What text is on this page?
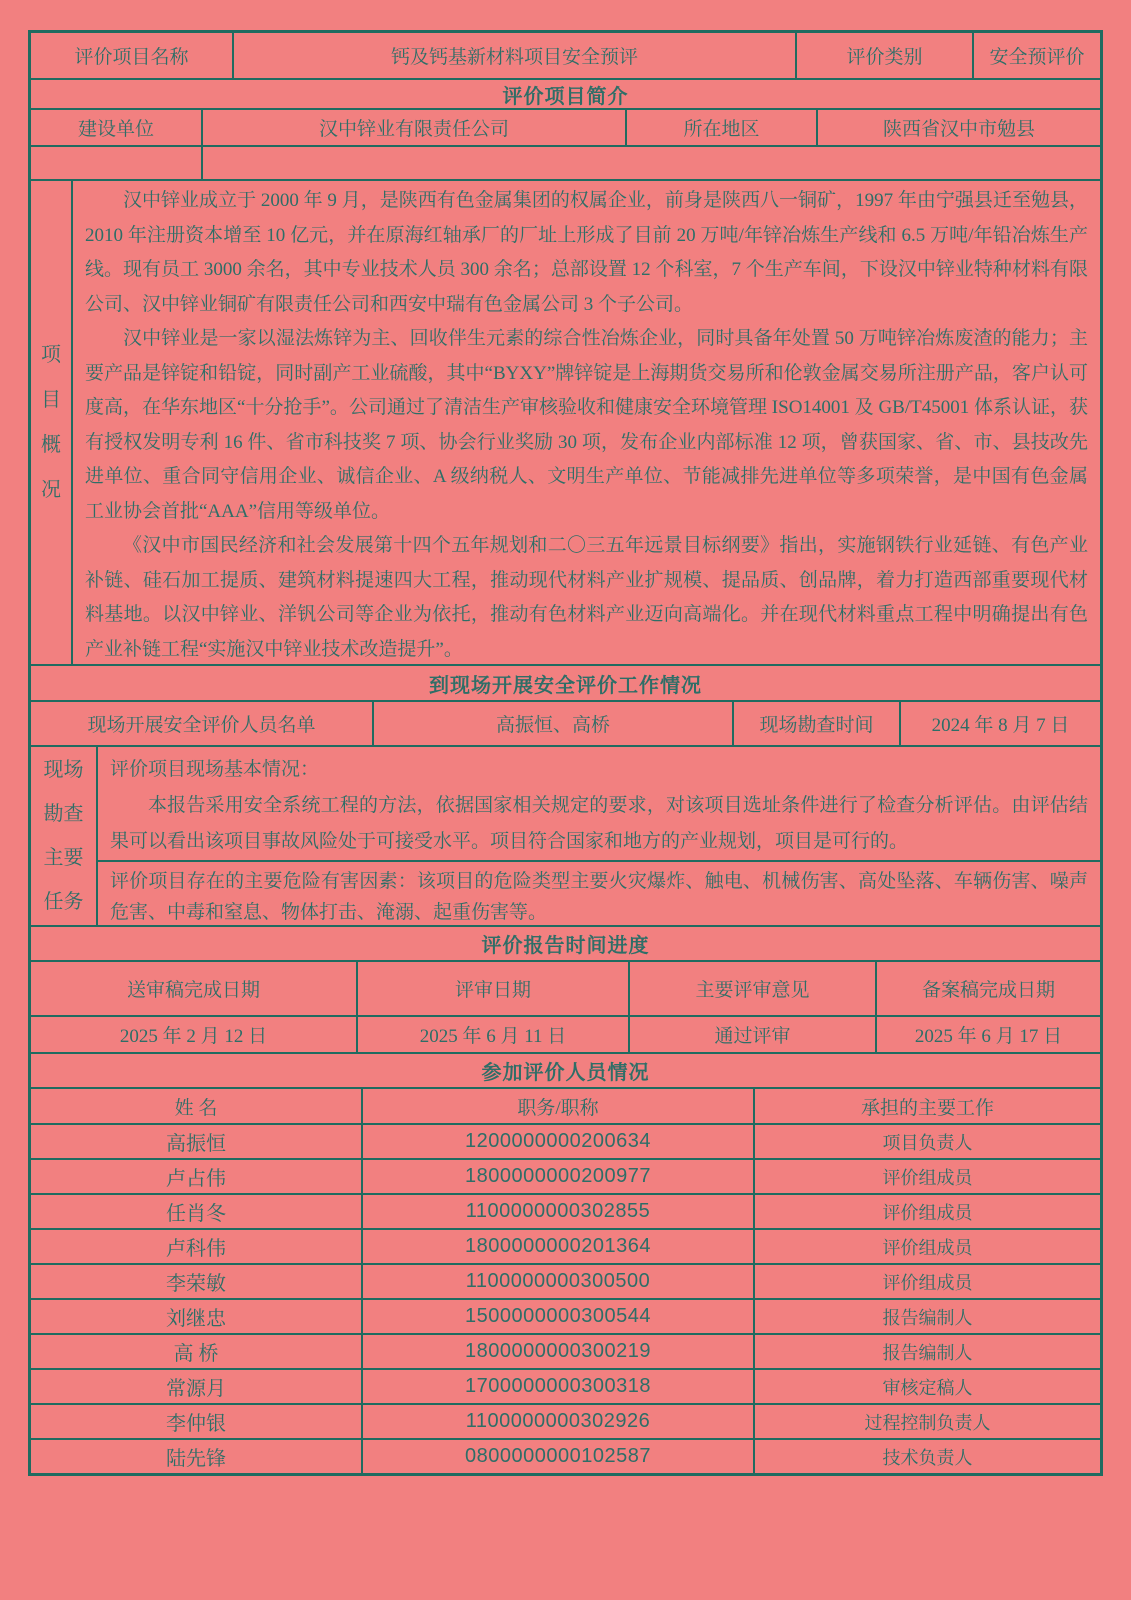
评价项目名称	钙及钙基新材料项目安全预评	评价类别	安全预评价
评价项目简介
建设单位	汉中锌业有限责任公司	所在地区	陕西省汉中市勉县
项
目
概
况

汉中锌业成立于 2000 年 9 月，是陕西有色金属集团的权属企业，前身是陕西八一铜矿，1997 年由宁强县迁至勉县，2010 年注册资本增至 10 亿元，并在原海红轴承厂的厂址上形成了目前 20 万吨/年锌冶炼生产线和 6.5 万吨/年铅冶炼生产线。现有员工 3000 余名，其中专业技术人员 300 余名；总部设置 12 个科室，7 个生产车间，下设汉中锌业特种材料有限公司、汉中锌业铜矿有限责任公司和西安中瑞有色金属公司 3 个子公司。

汉中锌业是一家以湿法炼锌为主、回收伴生元素的综合性冶炼企业，同时具备年处置 50 万吨锌冶炼废渣的能力；主要产品是锌锭和铅锭，同时副产工业硫酸，其中“BYXY”牌锌锭是上海期货交易所和伦敦金属交易所注册产品，客户认可度高，在华东地区“十分抢手”。公司通过了清洁生产审核验收和健康安全环境管理 ISO14001 及 GB/T45001 体系认证，获有授权发明专利 16 件、省市科技奖 7 项、协会行业奖励 30 项，发布企业内部标准 12 项，曾获国家、省、市、县技改先进单位、重合同守信用企业、诚信企业、A 级纳税人、文明生产单位、节能减排先进单位等多项荣誉，是中国有色金属工业协会首批“AAA”信用等级单位。

《汉中市国民经济和社会发展第十四个五年规划和二〇三五年远景目标纲要》指出，实施钢铁行业延链、有色产业补链、硅石加工提质、建筑材料提速四大工程，推动现代材料产业扩规模、提品质、创品牌，着力打造西部重要现代材料基地。以汉中锌业、洋钒公司等企业为依托，推动有色材料产业迈向高端化。并在现代材料重点工程中明确提出有色产业补链工程“实施汉中锌业技术改造提升”。

到现场开展安全评价工作情况
现场开展安全评价人员名单	高振恒、高桥	现场勘查时间	2024 年 8 月 7 日
现场
勘查
主要
任务

评价项目现场基本情况：

本报告采用安全系统工程的方法，依据国家相关规定的要求，对该项目选址条件进行了检查分析评估。由评估结果可以看出该项目事故风险处于可接受水平。项目符合国家和地方的产业规划，项目是可行的。

评价项目存在的主要危险有害因素：该项目的危险类型主要火灾爆炸、触电、机械伤害、高处坠落、车辆伤害、噪声危害、中毒和窒息、物体打击、淹溺、起重伤害等。

评价报告时间进度
送审稿完成日期	评审日期	主要评审意见	备案稿完成日期
2025 年 2 月 12 日	2025 年 6 月 11 日	通过评审	2025 年 6 月 17 日
参加评价人员情况
姓 名	职务/职称	承担的主要工作
高振恒	1200000000200634	项目负责人
卢占伟	1800000000200977	评价组成员
任肖冬	1100000000302855	评价组成员
卢科伟	1800000000201364	评价组成员
李荣敏	1100000000300500	评价组成员
刘继忠	1500000000300544	报告编制人
高 桥	1800000000300219	报告编制人
常源月	1700000000300318	审核定稿人
李仲银	1100000000302926	过程控制负责人
陆先锋	0800000000102587	技术负责人
